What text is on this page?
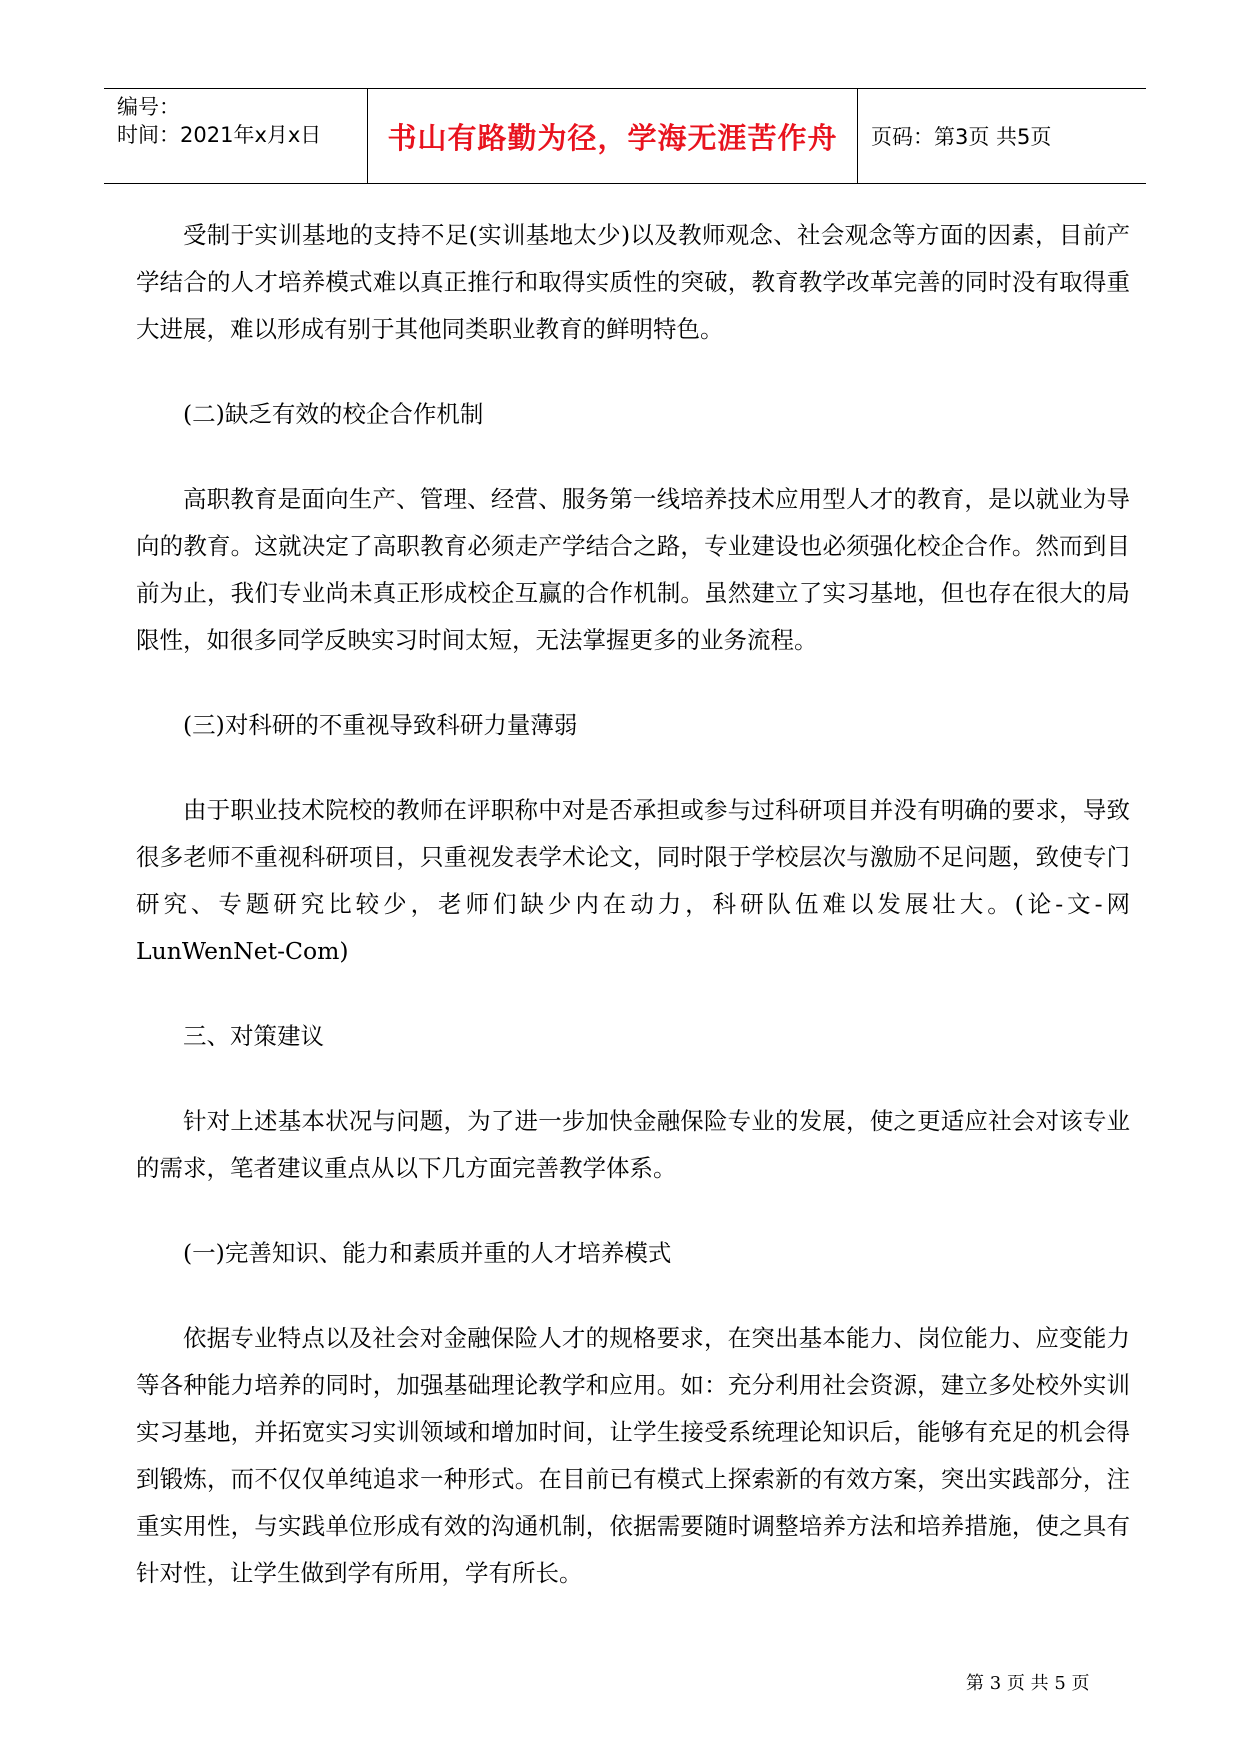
编号：
时间：2021年x月x日	书山有路勤为径，学海无涯苦作舟	页码：第3页 共5页

受制于实训基地的支持不足(实训基地太少)以及教师观念、社会观念等方面的因素，目前产学结合的人才培养模式难以真正推行和取得实质性的突破，教育教学改革完善的同时没有取得重大进展，难以形成有别于其他同类职业教育的鲜明特色。

(二)缺乏有效的校企合作机制

高职教育是面向生产、管理、经营、服务第一线培养技术应用型人才的教育，是以就业为导向的教育。这就决定了高职教育必须走产学结合之路，专业建设也必须强化校企合作。然而到目前为止，我们专业尚未真正形成校企互赢的合作机制。虽然建立了实习基地，但也存在很大的局限性，如很多同学反映实习时间太短，无法掌握更多的业务流程。

(三)对科研的不重视导致科研力量薄弱

由于职业技术院校的教师在评职称中对是否承担或参与过科研项目并没有明确的要求，导致很多老师不重视科研项目，只重视发表学术论文，同时限于学校层次与激励不足问题，致使专门研究、专题研究比较少，老师们缺少内在动力，科研队伍难以发展壮大。(论-文-网 LunWenNet-Com)

三、对策建议

针对上述基本状况与问题，为了进一步加快金融保险专业的发展，使之更适应社会对该专业的需求，笔者建议重点从以下几方面完善教学体系。

(一)完善知识、能力和素质并重的人才培养模式

依据专业特点以及社会对金融保险人才的规格要求，在突出基本能力、岗位能力、应变能力等各种能力培养的同时，加强基础理论教学和应用。如：充分利用社会资源，建立多处校外实训实习基地，并拓宽实习实训领域和增加时间，让学生接受系统理论知识后，能够有充足的机会得到锻炼，而不仅仅单纯追求一种形式。在目前已有模式上探索新的有效方案，突出实践部分，注重实用性，与实践单位形成有效的沟通机制，依据需要随时调整培养方法和培养措施，使之具有针对性，让学生做到学有所用，学有所长。

第 3 页 共 5 页
